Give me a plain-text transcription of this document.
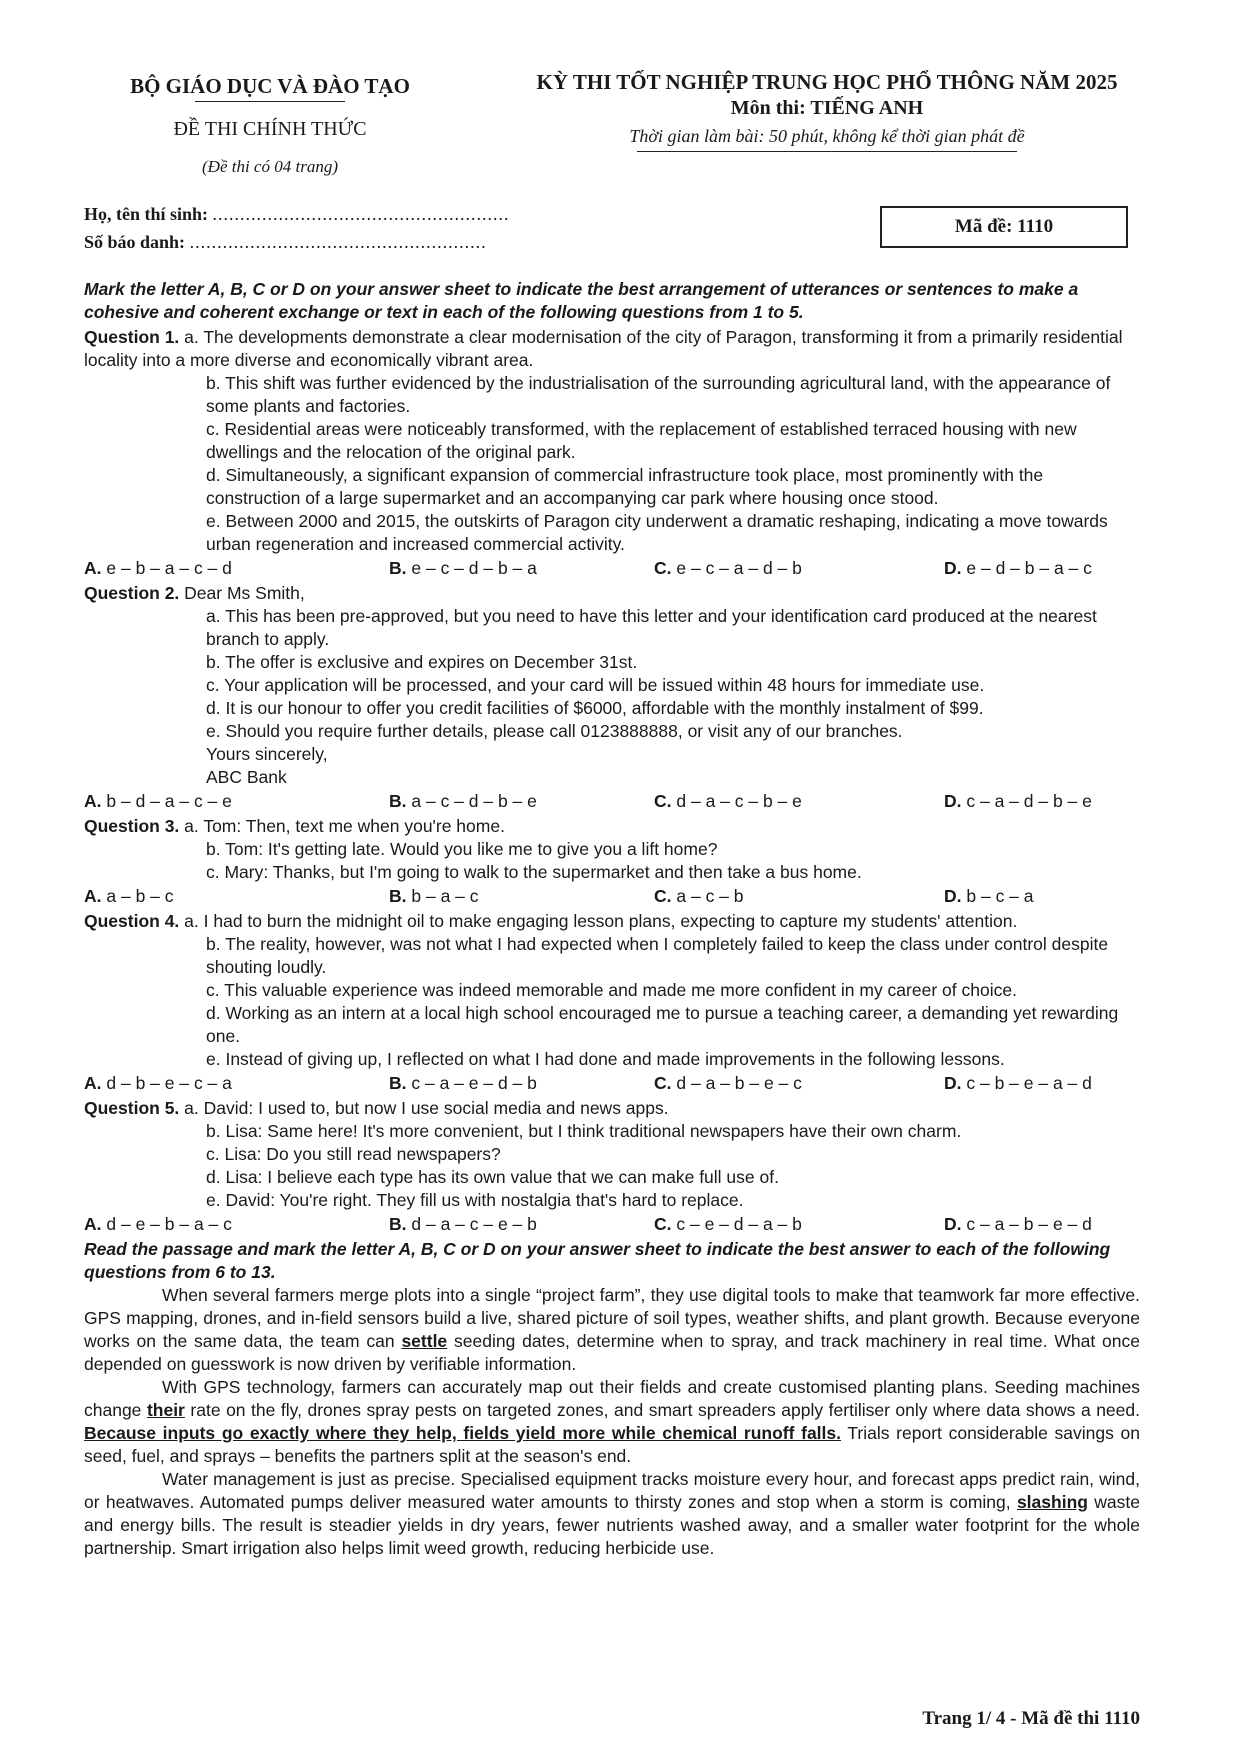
BỘ GIÁO DỤC VÀ ĐÀO TẠO
ĐỀ THI CHÍNH THỨC
(Đề thi có 04 trang)
KỲ THI TỐT NGHIỆP TRUNG HỌC PHỔ THÔNG NĂM 2025
Môn thi: TIẾNG ANH
Thời gian làm bài: 50 phút, không kể thời gian phát đề
Họ, tên thí sinh: ......................................................
Số báo danh: ......................................................
Mã đề: 1110

Mark the letter A, B, C or D on your answer sheet to indicate the best arrangement of utterances or sentences to make a cohesive and coherent exchange or text in each of the following questions from 1 to 5.

Question 1. a. The developments demonstrate a clear modernisation of the city of Paragon, transforming it from a primarily residential locality into a more diverse and economically vibrant area.

b. This shift was further evidenced by the industrialisation of the surrounding agricultural land, with the appearance of some plants and factories.

c. Residential areas were noticeably transformed, with the replacement of established terraced housing with new dwellings and the relocation of the original park.

d. Simultaneously, a significant expansion of commercial infrastructure took place, most prominently with the construction of a large supermarket and an accompanying car park where housing once stood.

e. Between 2000 and 2015, the outskirts of Paragon city underwent a dramatic reshaping, indicating a move towards urban regeneration and increased commercial activity.

A. e – b – a – c – d	B. e – c – d – b – a	C. e – c – a – d – b	D. e – d – b – a – c

Question 2. Dear Ms Smith,

a. This has been pre-approved, but you need to have this letter and your identification card produced at the nearest branch to apply.

b. The offer is exclusive and expires on December 31st.

c. Your application will be processed, and your card will be issued within 48 hours for immediate use.

d. It is our honour to offer you credit facilities of $6000, affordable with the monthly instalment of $99.

e. Should you require further details, please call 0123888888, or visit any of our branches.

Yours sincerely,

ABC Bank

A. b – d – a – c – e	B. a – c – d – b – e	C. d – a – c – b – e	D. c – a – d – b – e

Question 3. a. Tom: Then, text me when you're home.

b. Tom: It's getting late. Would you like me to give you a lift home?

c. Mary: Thanks, but I'm going to walk to the supermarket and then take a bus home.

A. a – b – c	B. b – a – c	C. a – c – b	D. b – c – a

Question 4. a. I had to burn the midnight oil to make engaging lesson plans, expecting to capture my students' attention.

b. The reality, however, was not what I had expected when I completely failed to keep the class under control despite shouting loudly.

c. This valuable experience was indeed memorable and made me more confident in my career of choice.

d. Working as an intern at a local high school encouraged me to pursue a teaching career, a demanding yet rewarding one.

e. Instead of giving up, I reflected on what I had done and made improvements in the following lessons.

A. d – b – e – c – a	B. c – a – e – d – b	C. d – a – b – e – c	D. c – b – e – a – d

Question 5. a. David: I used to, but now I use social media and news apps.

b. Lisa: Same here! It's more convenient, but I think traditional newspapers have their own charm.

c. Lisa: Do you still read newspapers?

d. Lisa: I believe each type has its own value that we can make full use of.

e. David: You're right. They fill us with nostalgia that's hard to replace.

A. d – e – b – a – c	B. d – a – c – e – b	C. c – e – d – a – b	D. c – a – b – e – d

Read the passage and mark the letter A, B, C or D on your answer sheet to indicate the best answer to each of the following questions from 6 to 13.

When several farmers merge plots into a single “project farm”, they use digital tools to make that teamwork far more effective. GPS mapping, drones, and in-field sensors build a live, shared picture of soil types, weather shifts, and plant growth. Because everyone works on the same data, the team can settle seeding dates, determine when to spray, and track machinery in real time. What once depended on guesswork is now driven by verifiable information.

With GPS technology, farmers can accurately map out their fields and create customised planting plans. Seeding machines change their rate on the fly, drones spray pests on targeted zones, and smart spreaders apply fertiliser only where data shows a need. Because inputs go exactly where they help, fields yield more while chemical runoff falls. Trials report considerable savings on seed, fuel, and sprays – benefits the partners split at the season's end.

Water management is just as precise. Specialised equipment tracks moisture every hour, and forecast apps predict rain, wind, or heatwaves. Automated pumps deliver measured water amounts to thirsty zones and stop when a storm is coming, slashing waste and energy bills. The result is steadier yields in dry years, fewer nutrients washed away, and a smaller water footprint for the whole partnership. Smart irrigation also helps limit weed growth, reducing herbicide use.

Trang 1/ 4 - Mã đề thi 1110
